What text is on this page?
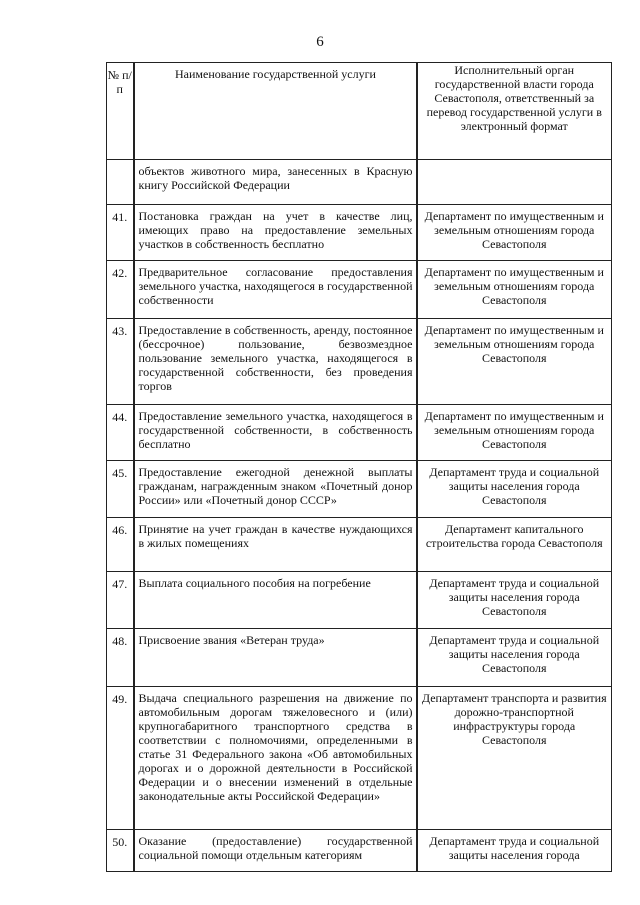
6
№ п/п	Наименование государственной услуги	Исполнительный орган государственной власти города Севастополя, ответственный за перевод государственной услуги в электронный формат
	объектов животного мира, занесенных в Красную книгу Российской Федерации	
41.	Постановка граждан на учет в качестве лиц, имеющих право на предоставление земельных участков в собственность бесплатно	Департамент по имущественным и земельным отношениям города Севастополя
42.	Предварительное согласование предоставления земельного участка, находящегося в государственной собственности	Департамент по имущественным и земельным отношениям города Севастополя
43.	Предоставление в собственность, аренду, постоянное (бессрочное) пользование, безвозмездное пользование земельного участка, находящегося в государственной собственности, без проведения торгов	Департамент по имущественным и земельным отношениям города Севастополя
44.	Предоставление земельного участка, находящегося в государственной собственности, в собственность бесплатно	Департамент по имущественным и земельным отношениям города Севастополя
45.	Предоставление ежегодной денежной выплаты гражданам, награжденным знаком «Почетный донор России» или «Почетный донор СССР»	Департамент труда и социальной защиты населения города Севастополя
46.	Принятие на учет граждан в качестве нуждающихся в жилых помещениях	Департамент капитального строительства города Севастополя
47.	Выплата социального пособия на погребение	Департамент труда и социальной защиты населения города Севастополя
48.	Присвоение звания «Ветеран труда»	Департамент труда и социальной защиты населения города Севастополя
49.	Выдача специального разрешения на движение по автомобильным дорогам тяжеловесного и (или) крупногабаритного транспортного средства в соответствии с полномочиями, определенными в статье 31 Федерального закона «Об автомобильных дорогах и о дорожной деятельности в Российской Федерации и о внесении изменений в отдельные законодательные акты Российской Федерации»	Департамент транспорта и развития дорожно-транспортной инфраструктуры города Севастополя
50.	Оказание (предоставление) государственной социальной помощи отдельным категориям	Департамент труда и социальной защиты населения города
